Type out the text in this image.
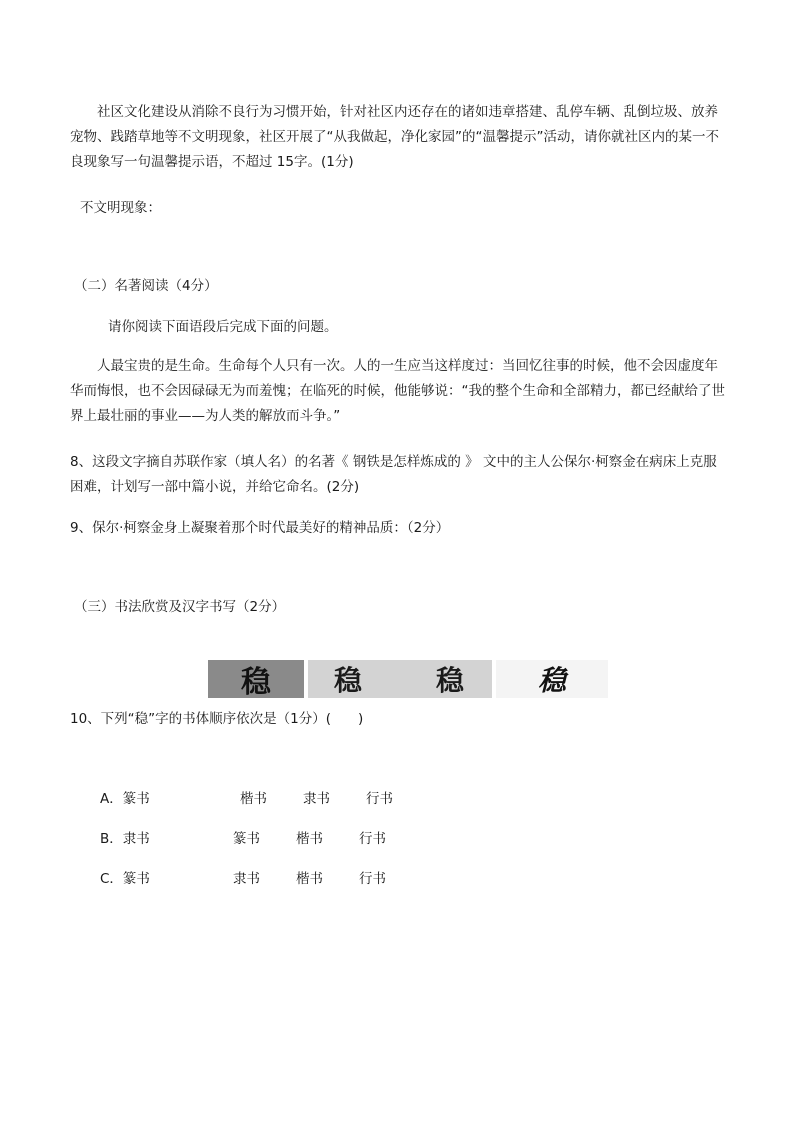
社区文化建设从消除不良行为习惯开始，针对社区内还存在的诸如违章搭建、乱停车辆、乱倒垃圾、放养宠物、践踏草地等不文明现象，社区开展了“从我做起，净化家园”的“温馨提示”活动，请你就社区内的某一不良现象写一句温馨提示语，不超过 15字。(1分)

不文明现象：

（二）名著阅读（4分）

请你阅读下面语段后完成下面的问题。

人最宝贵的是生命。生命每个人只有一次。人的一生应当这样度过：当回忆往事的时候，他不会因虚度年华而悔恨，也不会因碌碌无为而羞愧；在临死的时候，他能够说：“我的整个生命和全部精力，都已经献给了世界上最壮丽的事业——为人类的解放而斗争。”

8、这段文字摘自苏联作家（填人名）的名著《 钢铁是怎样炼成的 》 文中的主人公保尔·柯察金在病床上克服困难，计划写一部中篇小说，并给它命名。(2分)

9、保尔·柯察金身上凝聚着那个时代最美好的精神品质：（2分）

（三）书法欣赏及汉字书写（2分）

稳 稳	稳	稳

10、下列“稳”字的书体顺序依次是（1分）(　　)

A．篆书	楷书	隶书	行书
B．隶书	篆书	楷书	行书
C．篆书	隶书	楷书	行书
